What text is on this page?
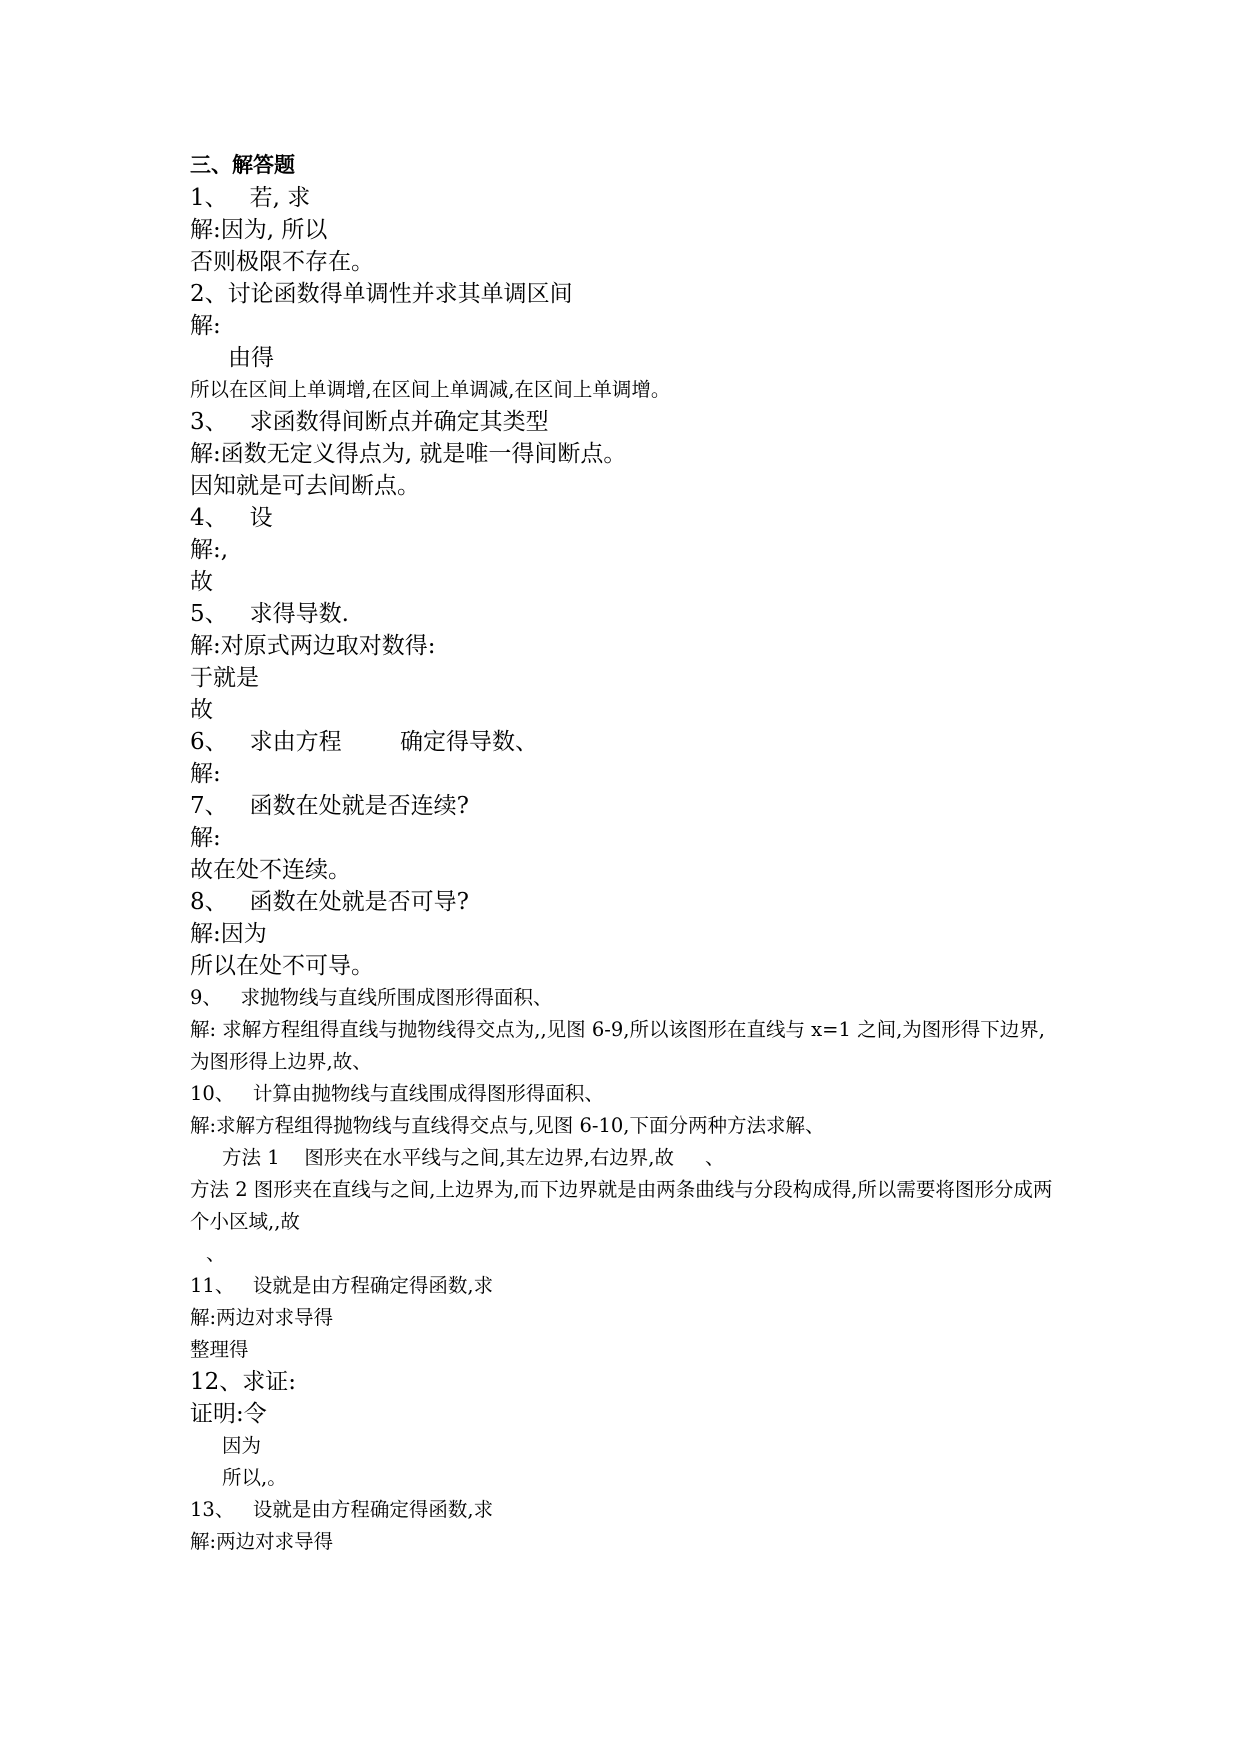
三、解答题
1、   若, 求
解:因为, 所以
否则极限不存在。
2、讨论函数得单调性并求其单调区间
解:
由得
所以在区间上单调增,在区间上单调减,在区间上单调增。
3、   求函数得间断点并确定其类型
解:函数无定义得点为, 就是唯一得间断点。
因知就是可去间断点。
4、   设
解:,
故
5、   求得导数.
解:对原式两边取对数得:
于就是
故
6、   求由方程        确定得导数、
解:
7、   函数在处就是否连续?
解:
故在处不连续。
8、   函数在处就是否可导?
解:因为
所以在处不可导。
9、   求抛物线与直线所围成图形得面积、
解: 求解方程组得直线与抛物线得交点为,,见图 6-9,所以该图形在直线与 x=1 之间,为图形得下边界,为图形得上边界,故、
10、   计算由抛物线与直线围成得图形得面积、
解:求解方程组得抛物线与直线得交点与,见图 6-10,下面分两种方法求解、
方法 1    图形夹在水平线与之间,其左边界,右边界,故     、
方法 2 图形夹在直线与之间,上边界为,而下边界就是由两条曲线与分段构成得,所以需要将图形分成两个小区域,,故
、
11、   设就是由方程确定得函数,求
解:两边对求导得
整理得
12、求证:
证明:令
因为
所以,。
13、   设就是由方程确定得函数,求
解:两边对求导得
